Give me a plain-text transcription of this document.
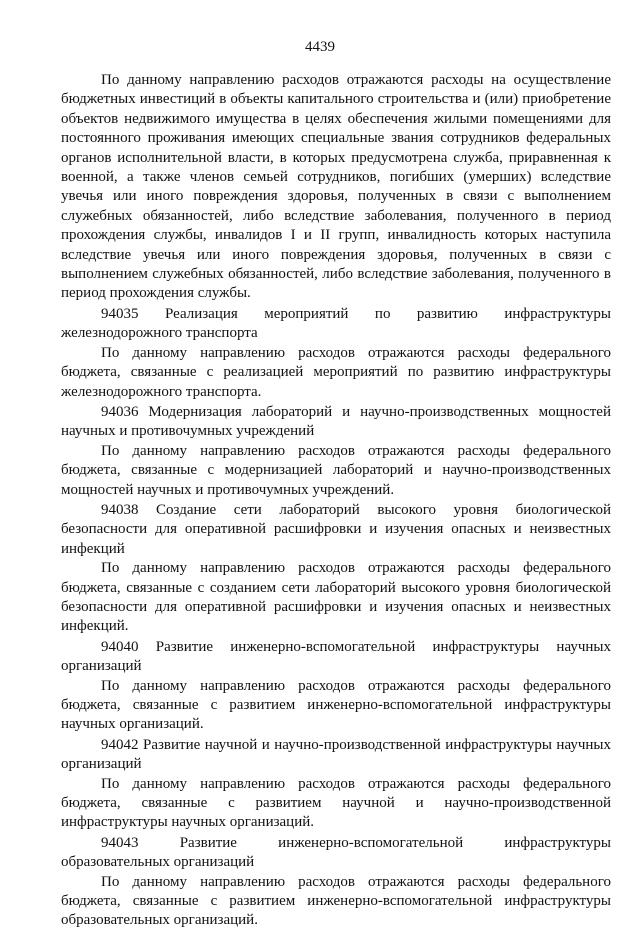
4439

По данному направлению расходов отражаются расходы на осуществление бюджетных инвестиций в объекты капитального строительства и (или) приобретение объектов недвижимого имущества в целях обеспечения жилыми помещениями для постоянного проживания имеющих специальные звания сотрудников федеральных органов исполнительной власти, в которых предусмотрена служба, приравненная к военной, а также членов семьей сотрудников, погибших (умерших) вследствие увечья или иного повреждения здоровья, полученных в связи с выполнением служебных обязанностей, либо вследствие заболевания, полученного в период прохождения службы, инвалидов I и II групп, инвалидность которых наступила вследствие увечья или иного повреждения здоровья, полученных в связи с выполнением служебных обязанностей, либо вследствие заболевания, полученного в период прохождения службы.

94035 Реализация мероприятий по развитию инфраструктуры железнодорожного транспорта

По данному направлению расходов отражаются расходы федерального бюджета, связанные с реализацией мероприятий по развитию инфраструктуры железнодорожного транспорта.

94036 Модернизация лабораторий и научно-производственных мощностей научных и противочумных учреждений

По данному направлению расходов отражаются расходы федерального бюджета, связанные с модернизацией лабораторий и научно-производственных мощностей научных и противочумных учреждений.

94038 Создание сети лабораторий высокого уровня биологической безопасности для оперативной расшифровки и изучения опасных и неизвестных инфекций

По данному направлению расходов отражаются расходы федерального бюджета, связанные с созданием сети лабораторий высокого уровня биологической безопасности для оперативной расшифровки и изучения опасных и неизвестных инфекций.

94040 Развитие инженерно-вспомогательной инфраструктуры научных организаций

По данному направлению расходов отражаются расходы федерального бюджета, связанные с развитием инженерно-вспомогательной инфраструктуры научных организаций.

94042 Развитие научной и научно-производственной инфраструктуры научных организаций

По данному направлению расходов отражаются расходы федерального бюджета, связанные с развитием научной и научно-производственной инфраструктуры научных организаций.

94043 Развитие инженерно-вспомогательной инфраструктуры образовательных организаций

По данному направлению расходов отражаются расходы федерального бюджета, связанные с развитием инженерно-вспомогательной инфраструктуры образовательных организаций.
